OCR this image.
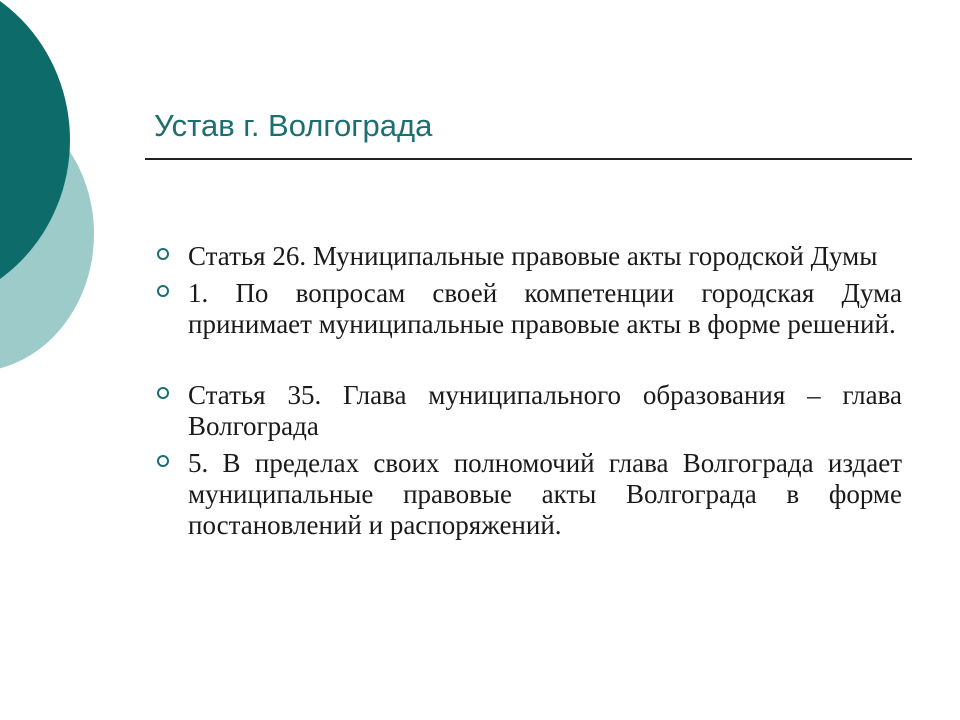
Устав г. Волгограда
Статья 26. Муниципальные правовые акты городской Думы
1. По вопросам своей компетенции городская Дума принимает муниципальные правовые акты в форме решений.
Статья 35. Глава муниципального образования – глава Волгограда
5. В пределах своих полномочий глава Волгограда издает муниципальные правовые акты Волгограда в форме постановлений и распоряжений.
